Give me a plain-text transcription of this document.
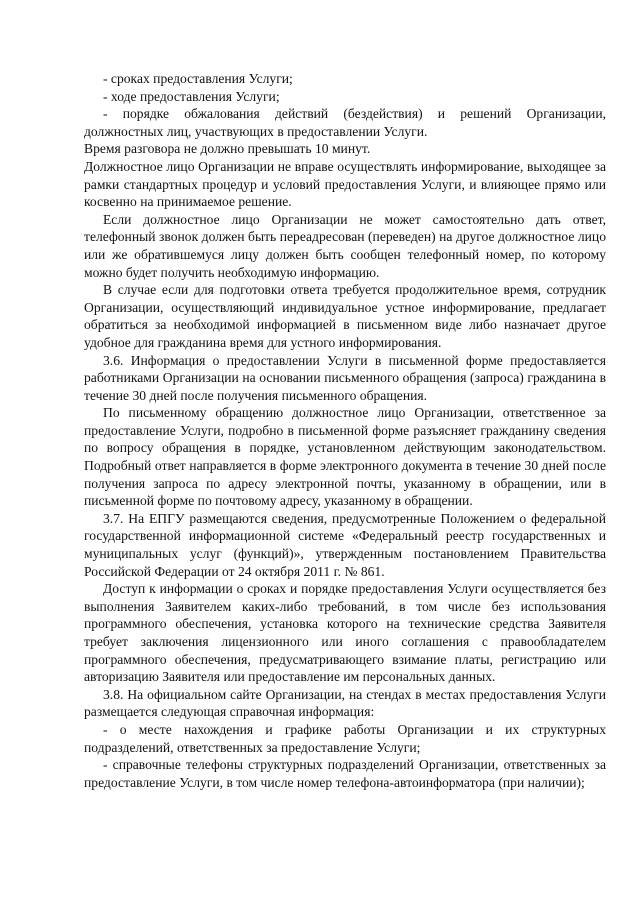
- сроках предоставления Услуги;

- ходе предоставления Услуги;

- порядке обжалования действий (бездействия) и решений Организации, должностных лиц, участвующих в предоставлении Услуги.

Время разговора не должно превышать 10 минут.

Должностное лицо Организации не вправе осуществлять информирование, выходящее за рамки стандартных процедур и условий предоставления Услуги, и влияющее прямо или косвенно на принимаемое решение.

Если должностное лицо Организации не может самостоятельно дать ответ, телефонный звонок должен быть переадресован (переведен) на другое должностное лицо или же обратившемуся лицу должен быть сообщен телефонный номер, по которому можно будет получить необходимую информацию.

В случае если для подготовки ответа требуется продолжительное время, сотрудник Организации, осуществляющий индивидуальное устное информирование, предлагает обратиться за необходимой информацией в письменном виде либо назначает другое удобное для гражданина время для устного информирования.

3.6. Информация о предоставлении Услуги в письменной форме предоставляется работниками Организации на основании письменного обращения (запроса) гражданина в течение 30 дней после получения письменного обращения.

По письменному обращению должностное лицо Организации, ответственное за предоставление Услуги, подробно в письменной форме разъясняет гражданину сведения по вопросу обращения в порядке, установленном действующим законодательством. Подробный ответ направляется в форме электронного документа в течение 30 дней после получения запроса по адресу электронной почты, указанному в обращении, или в письменной форме по почтовому адресу, указанному в обращении.

3.7. На ЕПГУ размещаются сведения, предусмотренные Положением о федеральной государственной информационной системе «Федеральный реестр государственных и муниципальных услуг (функций)», утвержденным постановлением Правительства Российской Федерации от 24 октября 2011 г. № 861.

Доступ к информации о сроках и порядке предоставления Услуги осуществляется без выполнения Заявителем каких-либо требований, в том числе без использования программного обеспечения, установка которого на технические средства Заявителя требует заключения лицензионного или иного соглашения с правообладателем программного обеспечения, предусматривающего взимание платы, регистрацию или авторизацию Заявителя или предоставление им персональных данных.

3.8. На официальном сайте Организации, на стендах в местах предоставления Услуги размещается следующая справочная информация:

- о месте нахождения и графике работы Организации и их структурных подразделений, ответственных за предоставление Услуги;

- справочные телефоны структурных подразделений Организации, ответственных за предоставление Услуги, в том числе номер телефона-автоинформатора (при наличии);
